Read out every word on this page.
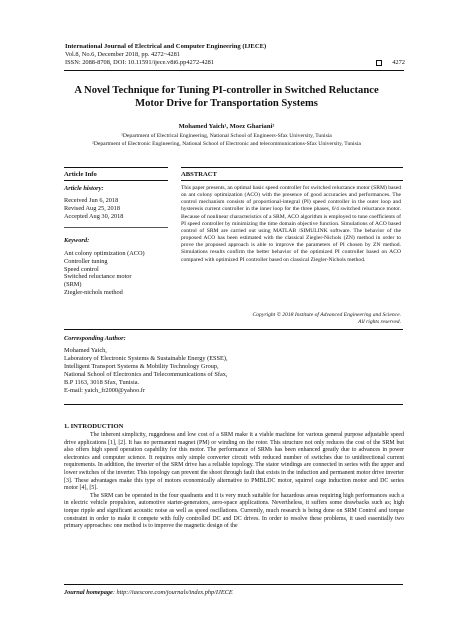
International Journal of Electrical and Computer Engineering (IJECE)
Vol.8, No.6, December 2018, pp. 4272~4281
ISSN: 2088-8708, DOI: 10.11591/ijece.v8i6.pp4272-4281	4272
A Novel Technique for Tuning PI-controller in Switched Reluctance Motor Drive for Transportation Systems
Mohamed Yaich¹, Moez Ghariani²
¹Department of Electrical Engineering, National School of Engineers-Sfax University, Tunisia
²Department of Electronic Engineering, National School of Electronic and telecommunications-Sfax University, Tunisia
Article Info	ABSTRACT
Article history:
Received Jun 6, 2018
Revised Aug 25, 2018
Accepted Aug 30, 2018
Keyword:
Ant colony optimization (ACO)
Controller tuning
Speed control
Switched reluctance motor
(SRM)
Ziegler-nichols method
This paper presents, an optimal basic speed controller for switched reluctance motor (SRM) based on ant colony optimization (ACO) with the presence of good accuracies and performances. The control mechanism consists of proportional-integral (PI) speed controller in the outer loop and hysteresis current controller in the inner loop for the three phases, 6/4 switched reluctance motor. Because of nonlinear characteristics of a SRM, ACO algorithm is employed to tune coefficients of PI speed controller by minimizing the time domain objective function. Simulations of ACO based control of SRM are carried out using MATLAB /SIMULINK software. The behavior of the proposed ACO has been estimated with the classical Ziegler-Nichols (ZN) method in order to prove the proposed approach is able to improve the parameters of PI chosen by ZN method. Simulations results confirm the better behavior of the optimized PI controller based on ACO compared with optimized PI controller based on classical Ziegler-Nichols method.
Copyright © 2018 Institute of Advanced Engineering and Science.
All rights reserved.
Corresponding Author:
Mohamed Yaich,
Laboratory of Electronic Systems & Sustainable Energy (ESSE),
Intelligent Transport Systems & Mobility Technology Group,
National School of Electronics and Telecommunications of Sfax,
B.P 1163, 3018 Sfax, Tunisia.
E-mail: yaich_fr2000@yahoo.fr
1. INTRODUCTION

The inherent simplicity, ruggedness and low cost of a SRM make it a viable machine for various general purpose adjustable speed drive applications [1], [2]. It has no permanent magnet (PM) or winding on the rotor. This structure not only reduces the cost of the SRM but also offers high speed operation capability for this motor. The performance of SRMs has been enhanced greatly due to advances in power electronics and computer science. It requires only simple converter circuit with reduced number of switches due to unidirectional current requirements. In addition, the inverter of the SRM drive has a reliable topology. The stator windings are connected in series with the upper and lower switches of the inverter. This topology can prevent the shoot through fault that exists in the induction and permanent motor drive inverter [3]. These advantages make this type of motors economically alternative to PMBLDC motor, squirrel cage induction motor and DC series motor [4], [5].

The SRM can be operated in the four quadrants and it is very much suitable for hazardous areas requiring high performances such a in electric vehicle propulsion, automotive starter-generators, aero-space applications. Nevertheless, it suffers some drawbacks such as; high torque ripple and significant acoustic noise as well as speed oscillations. Currently, much research is being done on SRM Control and torque constraint in order to make it compete with fully controlled DC and DC drives. In order to resolve these problems, it used essentially two primary approaches: one method is to improve the magnetic design of the

Journal homepage: http://iaescore.com/journals/index.php/IJECE
